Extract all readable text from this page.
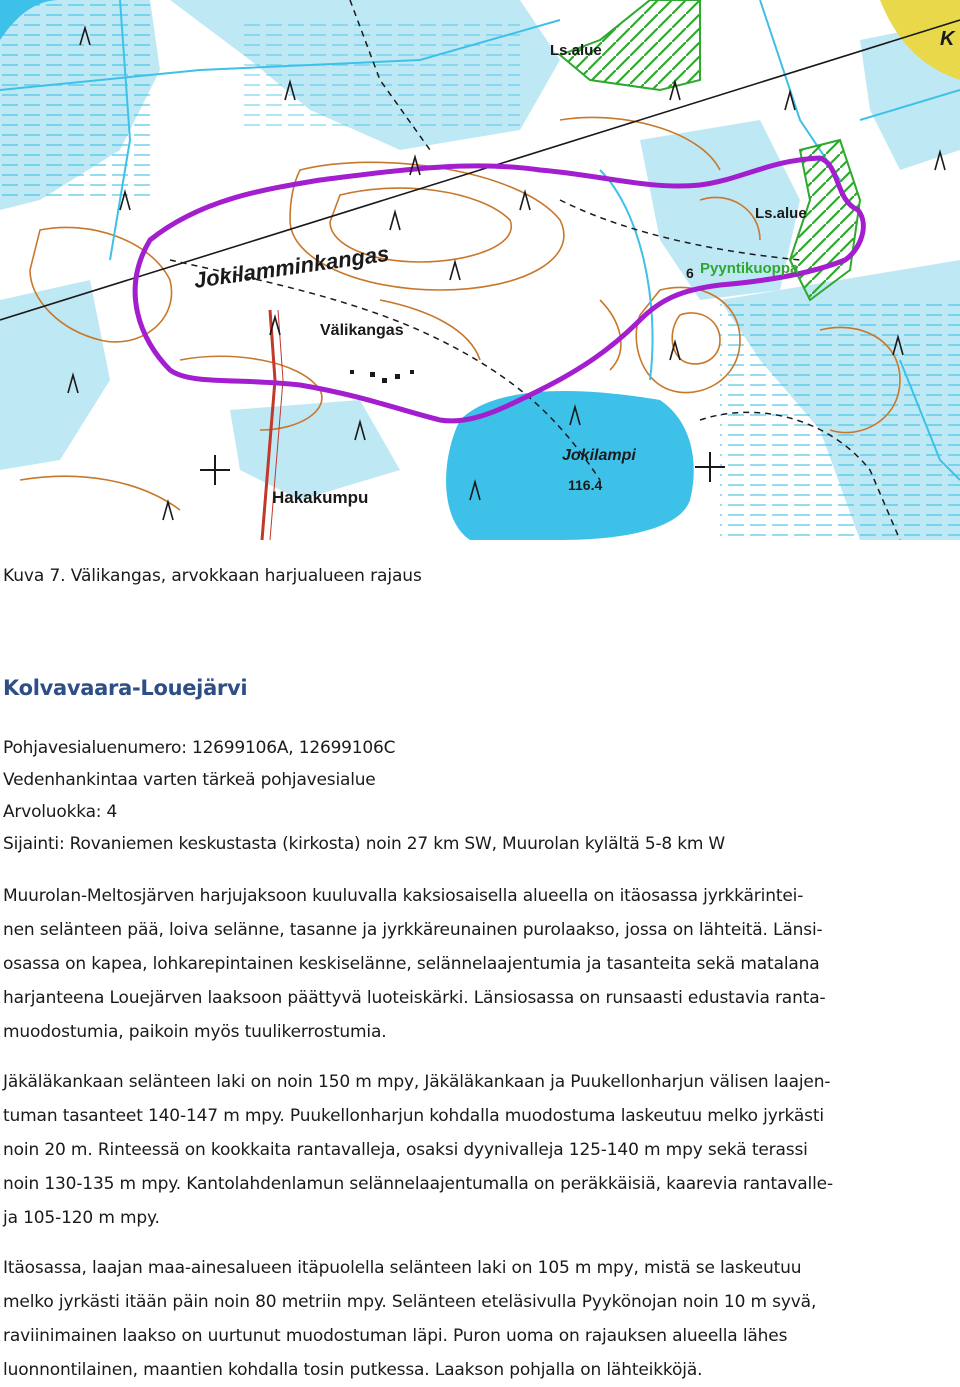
Ls.alue
Ls.alue
K
Jokilamminkangas
Välikangas
Pyyntikuoppa
6
Jokilampi
116.4
Hakakumpu
Kuva 7. Välikangas, arvokkaan harjualueen rajaus
Kolvavaara-Louejärvi
Pohjavesialuenumero: 12699106A, 12699106C
Vedenhankintaa varten tärkeä pohjavesialue
Arvoluokka: 4
Sijainti: Rovaniemen keskustasta (kirkosta) noin 27 km SW, Muurolan kylältä 5-8 km W
Muurolan-Meltosjärven harjujaksoon kuuluvalla kaksiosaisella alueella on itäosassa jyrkkärintei-
nen selänteen pää, loiva selänne, tasanne ja jyrkkäreunainen purolaakso, jossa on lähteitä. Länsi-
osassa on kapea, lohkarepintainen keskiselänne, selännelaajentumia ja tasanteita sekä matalana
harjanteena Louejärven laaksoon päättyvä luoteiskärki. Länsiosassa on runsaasti edustavia ranta-
muodostumia, paikoin myös tuulikerrostumia.
Jäkäläkankaan selänteen laki on noin 150 m mpy, Jäkäläkankaan ja Puukellonharjun välisen laajen-
tuman tasanteet 140-147 m mpy. Puukellonharjun kohdalla muodostuma laskeutuu melko jyrkästi
noin 20 m. Rinteessä on kookkaita rantavalleja, osaksi dyynivalleja 125-140 m mpy sekä terassi
noin 130-135 m mpy. Kantolahdenlamun selännelaajentumalla on peräkkäisiä, kaarevia rantavalle-
ja 105-120 m mpy.
Itäosassa, laajan maa-ainesalueen itäpuolella selänteen laki on 105 m mpy, mistä se laskeutuu
melko jyrkästi itään päin noin 80 metriin mpy. Selänteen eteläsivulla Pyykönojan noin 10 m syvä,
raviinimainen laakso on uurtunut muodostuman läpi. Puron uoma on rajauksen alueella lähes
luonnontilainen, maantien kohdalla tosin putkessa. Laakson pohjalla on lähteikköjä.
